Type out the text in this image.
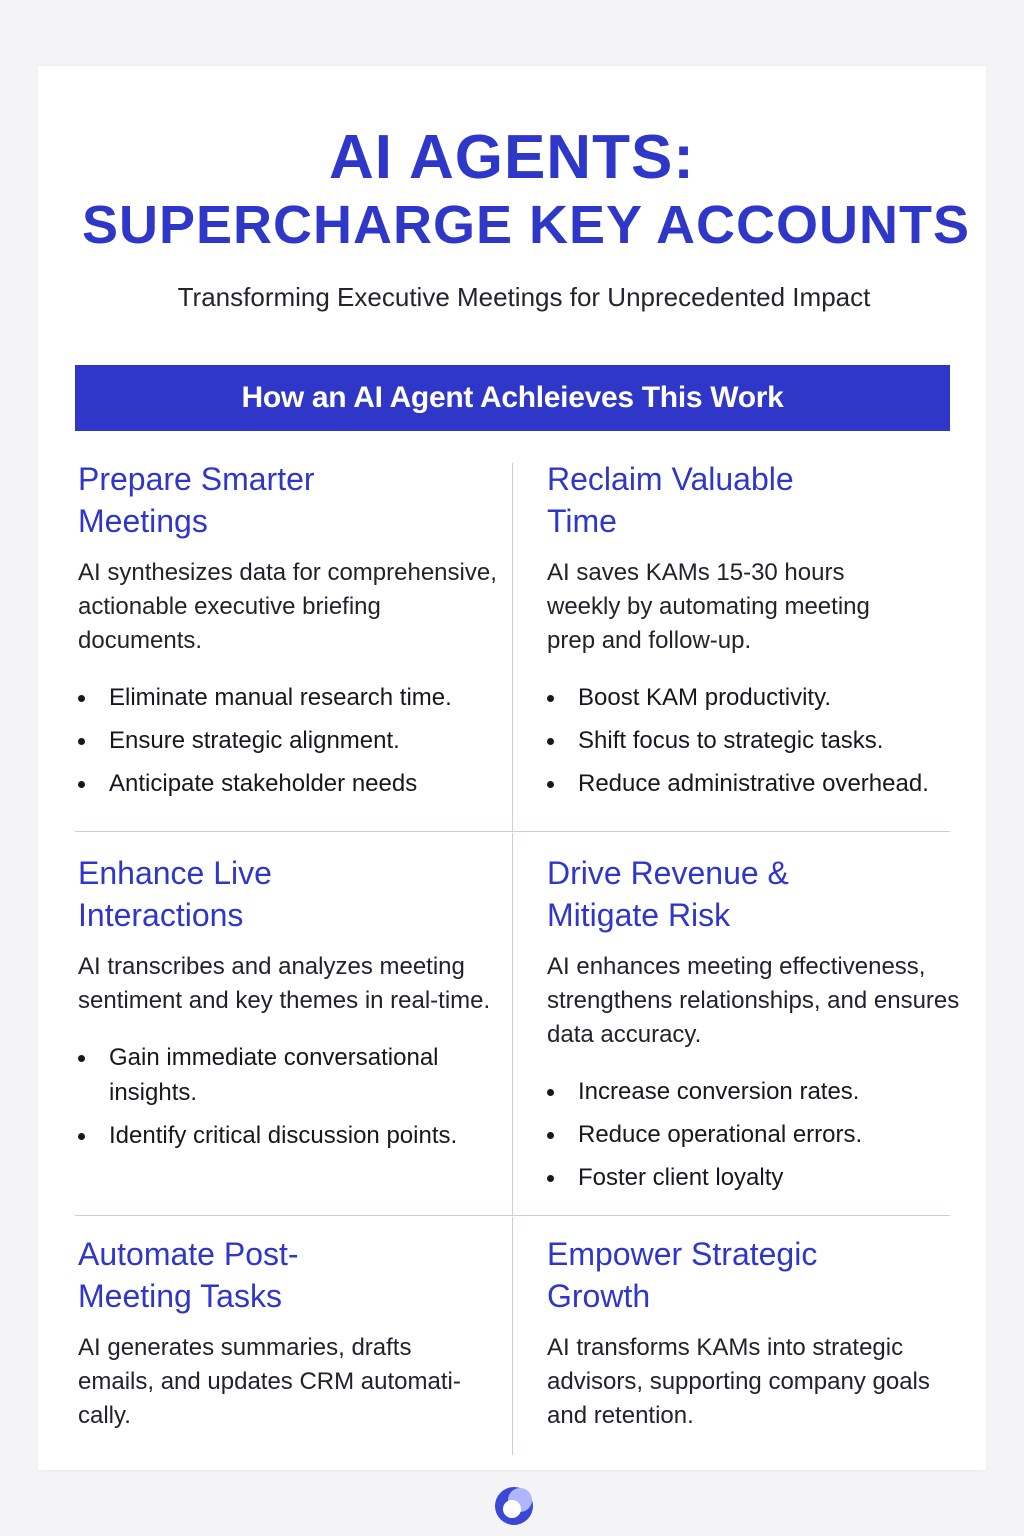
AI AGENTS:
SUPERCHARGE KEY ACCOUNTS
Transforming Executive Meetings for Unprecedented Impact
How an AI Agent Achleieves This Work
Prepare Smarter
Meetings

AI synthesizes data for comprehensive, actionable executive briefing documents.

Eliminate manual research time.
Ensure strategic alignment.
Anticipate stakeholder needs
Reclaim Valuable
Time

AI saves KAMs 15-30 hours weekly by automating meeting prep and follow-up.

Boost KAM productivity.
Shift focus to strategic tasks.
Reduce administrative overhead.
Enhance Live
Interactions

AI transcribes and analyzes meeting sentiment and key themes in real-time.

Gain immediate conversational insights.
Identify critical discussion points.
Drive Revenue &
Mitigate Risk

AI enhances meeting effectiveness, strengthens relationships, and ensures data accuracy.

Increase conversion rates.
Reduce operational errors.
Foster client loyalty
Automate Post-
Meeting Tasks

AI generates summaries, drafts emails, and updates CRM automati-cally.

Empower Strategic
Growth

AI transforms KAMs into strategic advisors, supporting company goals and retention.
